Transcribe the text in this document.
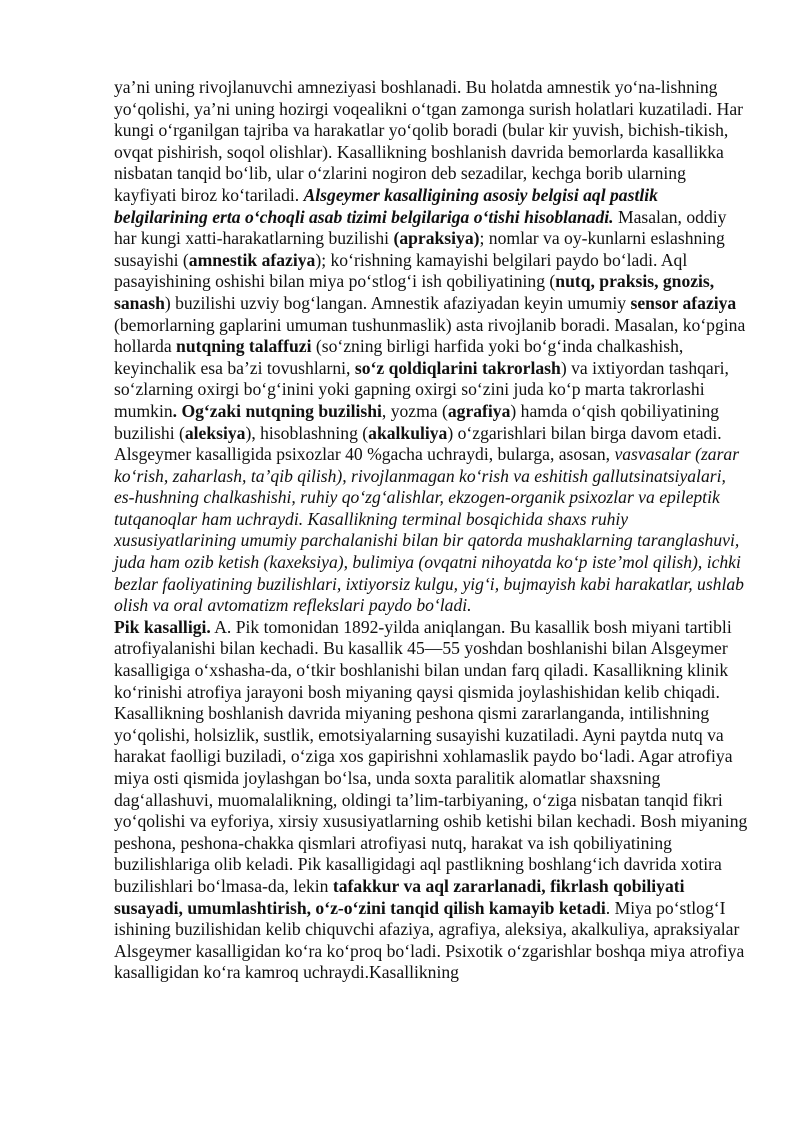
ya’ni uning rivojlanuvchi amneziyasi boshlanadi. Bu holatda amnestik yo‘na-lishning yo‘qolishi, ya’ni uning hozirgi voqealikni o‘tgan zamonga surish holatlari kuzatiladi. Har kungi o‘rganilgan tajriba va harakatlar yo‘qolib boradi (bular kir yuvish, bichish-tikish, ovqat pishirish, soqol olishlar). Kasallikning boshlanish davrida bemorlarda kasallikka nisbatan tanqid bo‘lib, ular o‘zlarini nogiron deb sezadilar, kechga borib ularning kayfiyati biroz ko‘tariladi. Alsgeymer kasalligining asosiy belgisi aql pastlik belgilarining erta o‘choqli asab tizimi belgilariga o‘tishi hisoblanadi. Masalan, oddiy har kungi xatti-harakatlarning buzilishi (apraksiya); nomlar va oy-kunlarni eslashning susayishi (amnestik afaziya); ko‘rishning kamayishi belgilari paydo bo‘ladi. Aql pasayishining oshishi bilan miya po‘stlog‘i ish qobiliyatining (nutq, praksis, gnozis, sanash) buzilishi uzviy bog‘langan. Amnestik afaziyadan keyin umumiy sensor afaziya (bemorlarning gaplarini umuman tushunmaslik) asta rivojlanib boradi. Masalan, ko‘pgina hollarda nutqning talaffuzi (so‘zning birligi harfida yoki bo‘g‘inda chalkashish, keyinchalik esa ba’zi tovushlarni, so‘z qoldiqlarini takrorlash) va ixtiyordan tashqari, so‘zlarning oxirgi bo‘g‘inini yoki gapning oxirgi so‘zini juda ko‘p marta takrorlashi mumkin. Og‘zaki nutqning buzilishi, yozma (agrafiya) hamda o‘qish qobiliyatining buzilishi (aleksiya), hisoblashning (akalkuliya) o‘zgarishlari bilan birga davom etadi. Alsgeymer kasalligida psixozlar 40 %gacha uchraydi, bularga, asosan, vasvasalar (zarar ko‘rish, zaharlash, ta’qib qilish), rivojlanmagan ko‘rish va eshitish gallutsinatsiyalari, es-hushning chalkashishi, ruhiy qo‘zg‘alishlar, ekzogen-organik psixozlar va epileptik tutqanoqlar ham uchraydi. Kasallikning terminal bosqichida shaxs ruhiy xususiyatlarining umumiy parchalanishi bilan bir qatorda mushaklarning taranglashuvi, juda ham ozib ketish (kaxeksiya), bulimiya (ovqatni nihoyatda ko‘p iste’mol qilish), ichki bezlar faoliyatining buzilishlari, ixtiyorsiz kulgu, yig‘i, bujmayish kabi harakatlar, ushlab olish va oral avtomatizm reflekslari paydo bo‘ladi.

Pik kasalligi. A. Pik tomonidan 1892-yilda aniqlangan. Bu kasallik bosh miyani tartibli atrofiyalanishi bilan kechadi. Bu kasallik 45—55 yoshdan boshlanishi bilan Alsgeymer kasalligiga o‘xshasha-da, o‘tkir boshlanishi bilan undan farq qiladi. Kasallikning klinik ko‘rinishi atrofiya jarayoni bosh miyaning qaysi qismida joylashishidan kelib chiqadi. Kasallikning boshlanish davrida miyaning peshona qismi zararlanganda, intilishning yo‘qolishi, holsizlik, sustlik, emotsiyalarning susayishi kuzatiladi. Ayni paytda nutq va harakat faolligi buziladi, o‘ziga xos gapirishni xohlamaslik paydo bo‘ladi. Agar atrofiya miya osti qismida joylashgan bo‘lsa, unda soxta paralitik alomatlar shaxsning dag‘allashuvi, muomalalikning, oldingi ta’lim-tarbiyaning, o‘ziga nisbatan tanqid fikri yo‘qolishi va eyforiya, xirsiy xususiyatlarning oshib ketishi bilan kechadi. Bosh miyaning peshona, peshona-chakka qismlari atrofiyasi nutq, harakat va ish qobiliyatining buzilishlariga olib keladi. Pik kasalligidagi aql pastlikning boshlang‘ich davrida xotira buzilishlari bo‘lmasa-da, lekin tafakkur va aql zararlanadi, fikrlash qobiliyati susayadi, umumlashtirish, o‘z-o‘zini tanqid qilish kamayib ketadi. Miya po‘stlog‘I ishining buzilishidan kelib chiquvchi afaziya, agrafiya, aleksiya, akalkuliya, apraksiyalar Alsgeymer kasalligidan ko‘ra ko‘proq bo‘ladi. Psixotik o‘zgarishlar boshqa miya atrofiya kasalligidan ko‘ra kamroq uchraydi.Kasallikning
